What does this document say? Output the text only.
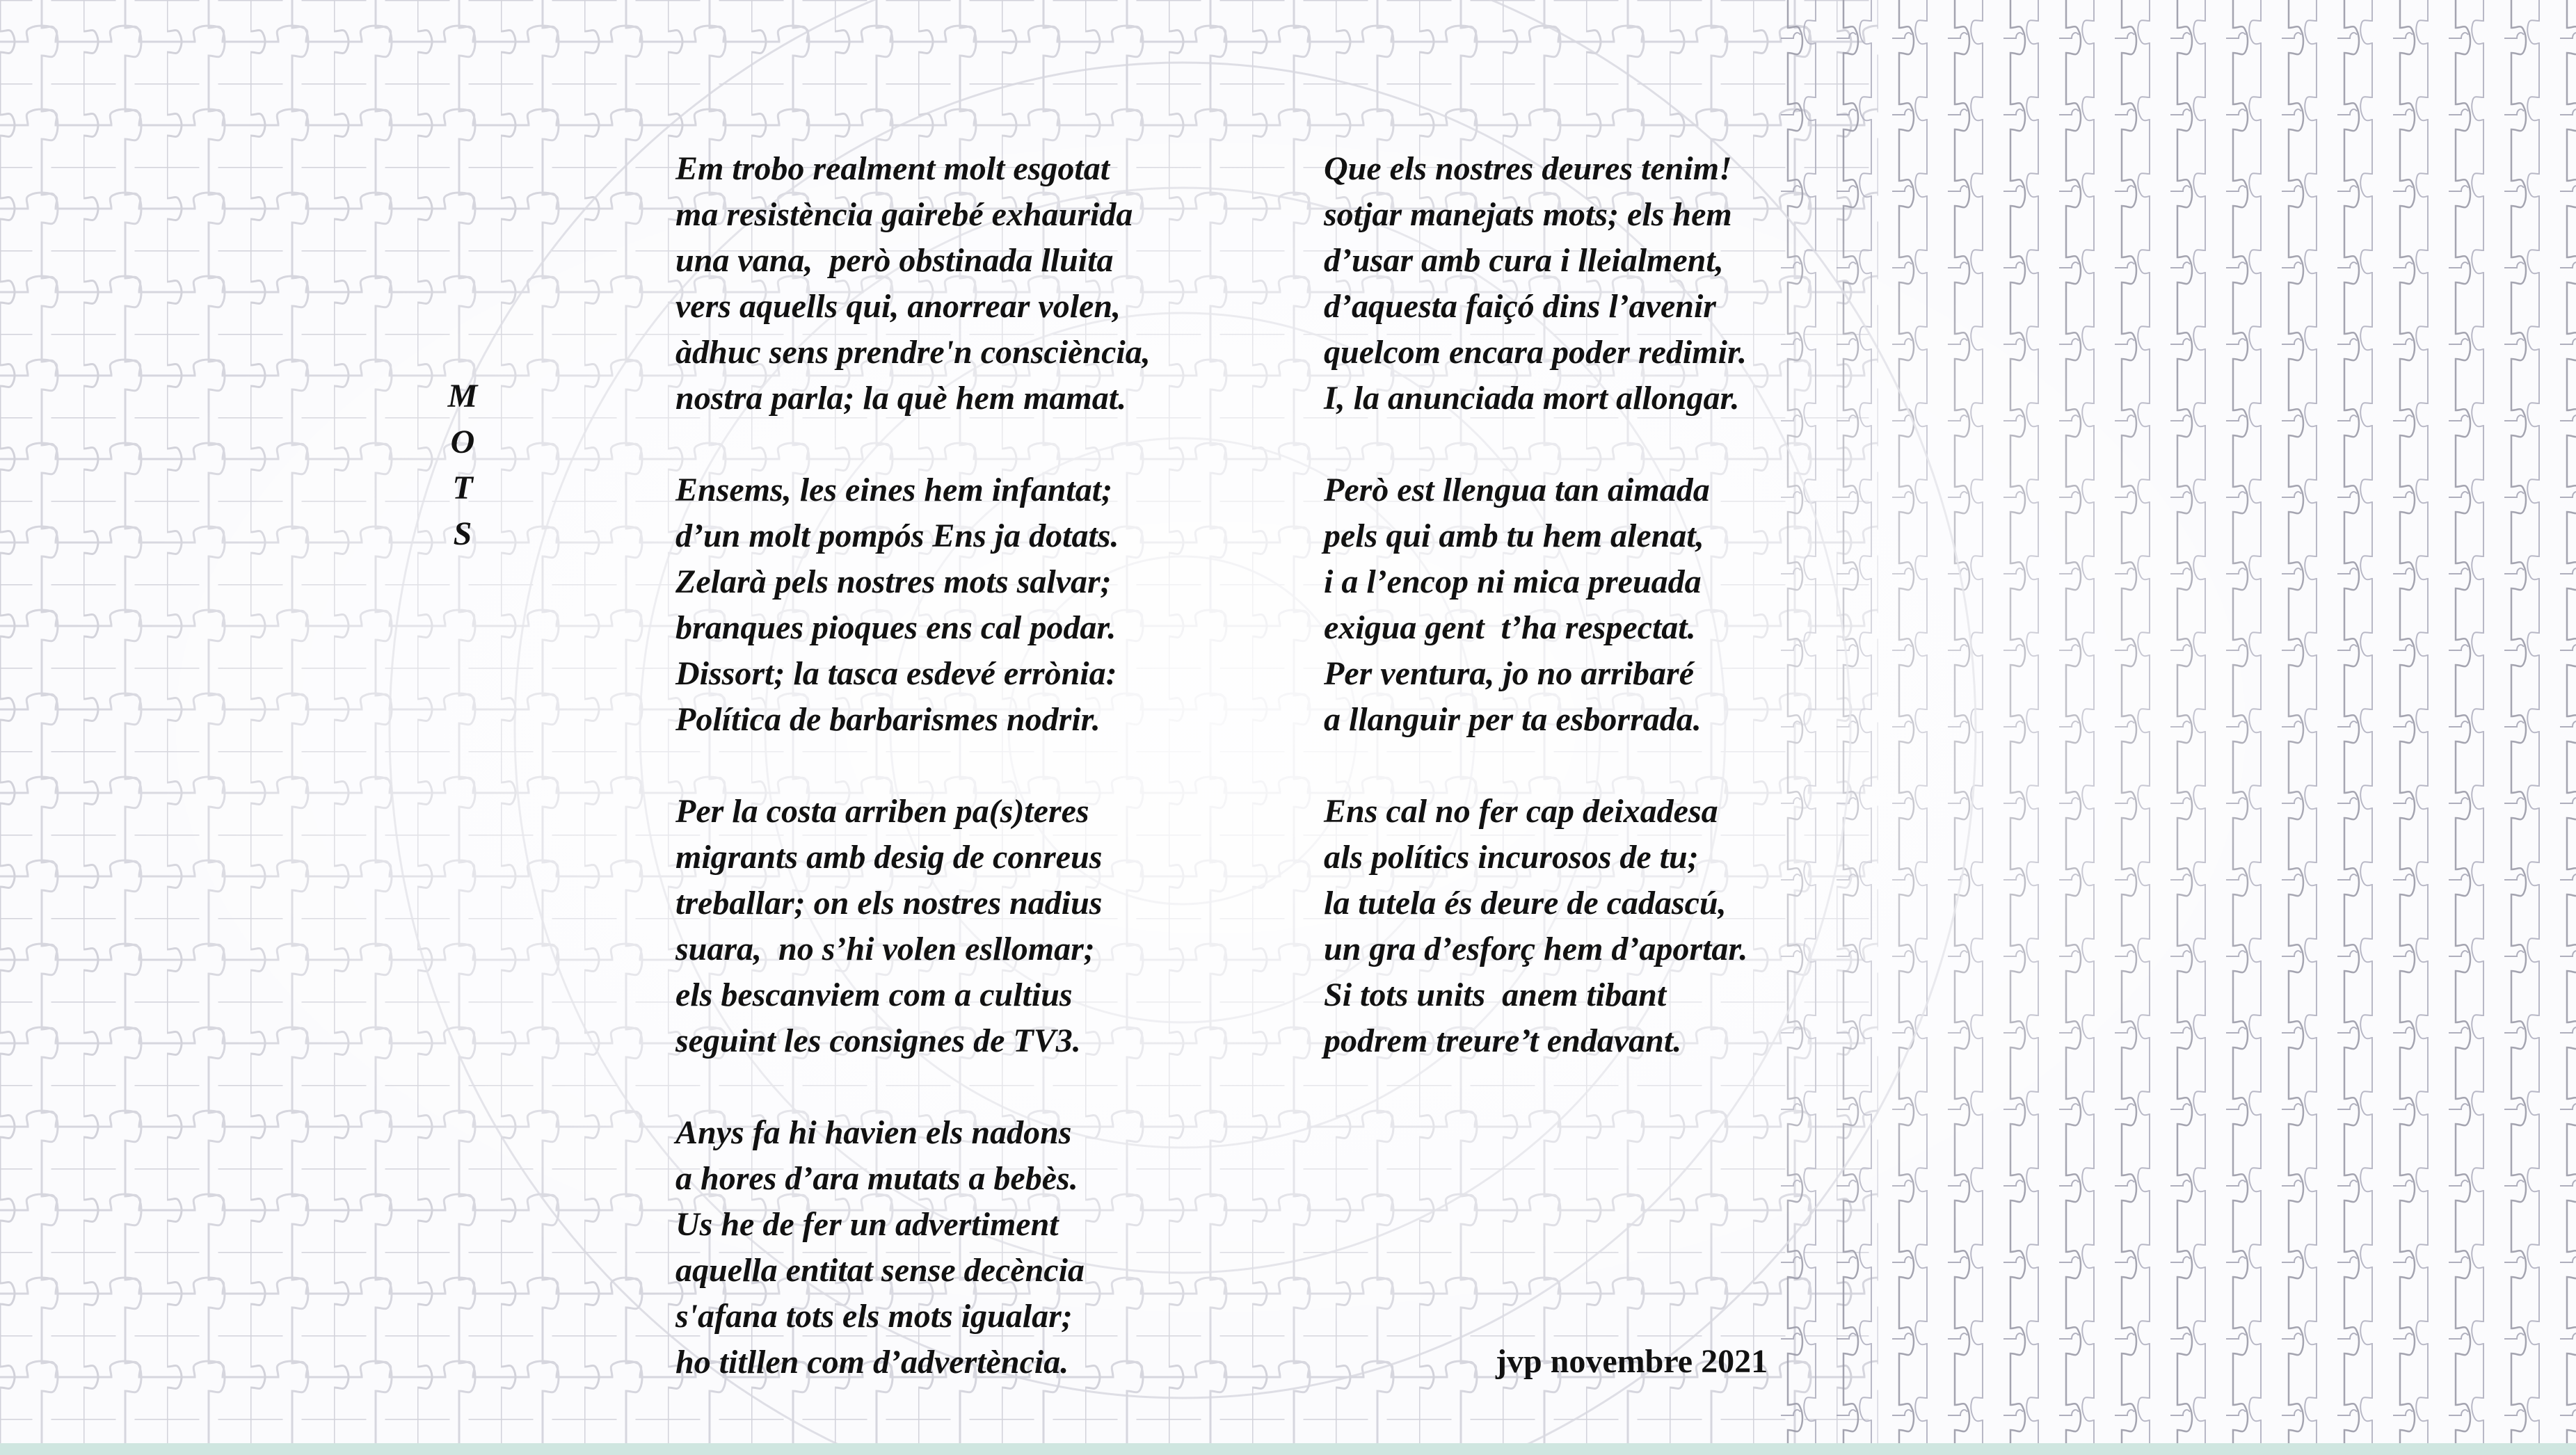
M
O
T
S
Em trobo realment molt esgotat
ma resistència gairebé exhaurida
una vana,  però obstinada lluita
vers aquells qui, anorrear volen,
àdhuc sens prendre'n consciència,
nostra parla; la què hem mamat.
Ensems, les eines hem infantat;
d’un molt pompós Ens ja dotats.
Zelarà pels nostres mots salvar;
branques pioques ens cal podar.
Dissort; la tasca esdevé errònia:
Política de barbarismes nodrir.
Per la costa arriben pa(s)teres
migrants amb desig de conreus
treballar; on els nostres nadius
suara,  no s’hi volen esllomar;
els bescanviem com a cultius
seguint les consignes de TV3.
Anys fa hi havien els nadons
a hores d’ara mutats a bebès.
Us he de fer un advertiment
aquella entitat sense decència
s'afana tots els mots igualar;
ho titllen com d’advertència.
Que els nostres deures tenim!
sotjar manejats mots; els hem
d’usar amb cura i lleialment,
d’aquesta faiçó dins l’avenir
quelcom encara poder redimir.
I, la anunciada mort allongar.
Però est llengua tan aimada
pels qui amb tu hem alenat,
i a l’encop ni mica preuada
exigua gent  t’ha respectat.
Per ventura, jo no arribaré
a llanguir per ta esborrada.
Ens cal no fer cap deixadesa
als polítics incurosos de tu;
la tutela és deure de cadascú,
un gra d’esforç hem d’aportar.
Si tots units  anem tibant
podrem treure’t endavant.
jvp novembre 2021
